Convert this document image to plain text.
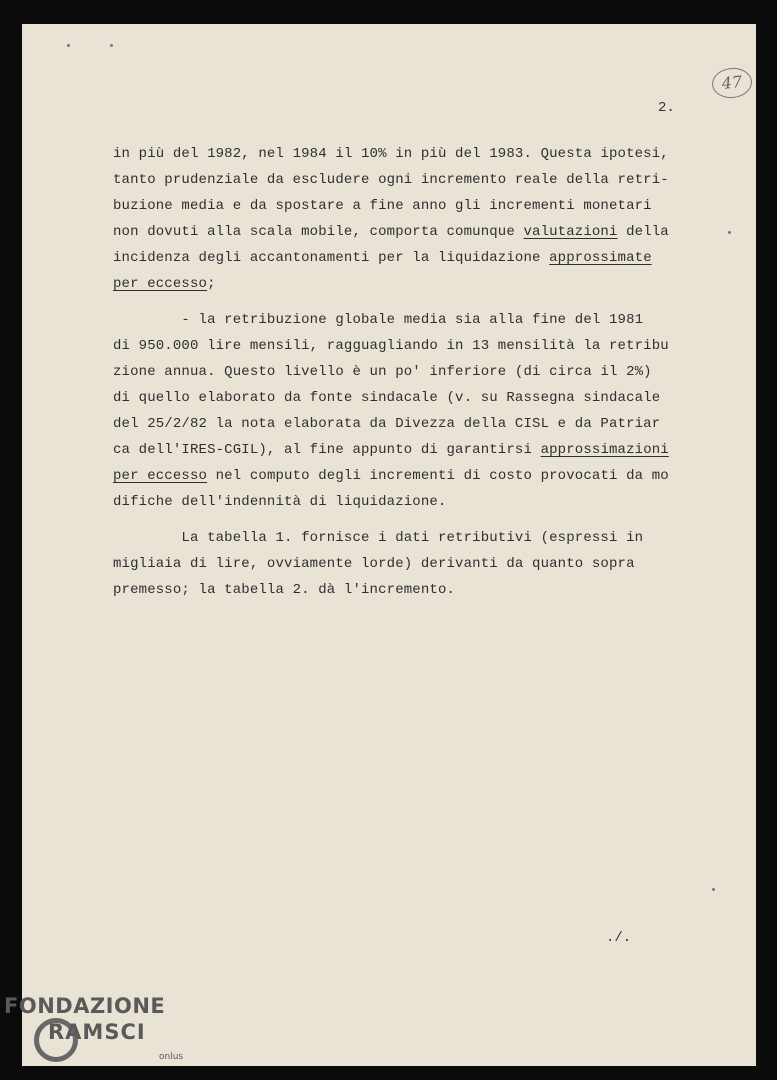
47
2.
in più del 1982, nel 1984 il 10% in più del 1983. Questa ipotesi,
tanto prudenziale da escludere ogni incremento reale della retri-
buzione media e da spostare a fine anno gli incrementi monetari
non dovuti alla scala mobile, comporta comunque valutazioni della
incidenza degli accantonamenti per la liquidazione approssimate
per eccesso;
- la retribuzione globale media sia alla fine del 1981
di 950.000 lire mensili, ragguagliando in 13 mensilità la retribu
zione annua. Questo livello è un po' inferiore (di circa il 2%)
di quello elaborato da fonte sindacale (v. su Rassegna sindacale
del 25/2/82 la nota elaborata da Divezza della CISL e da Patriar
ca dell'IRES-CGIL), al fine appunto di garantirsi approssimazioni
per eccesso nel computo degli incrementi di costo provocati da mo
difiche dell'indennità di liquidazione.
La tabella 1. fornisce i dati retributivi (espressi in
migliaia di lire, ovviamente lorde) derivanti da quanto sopra
premesso; la tabella 2. dà l'incremento.
./.
FONDAZIONE
RAMSCI
onlus
